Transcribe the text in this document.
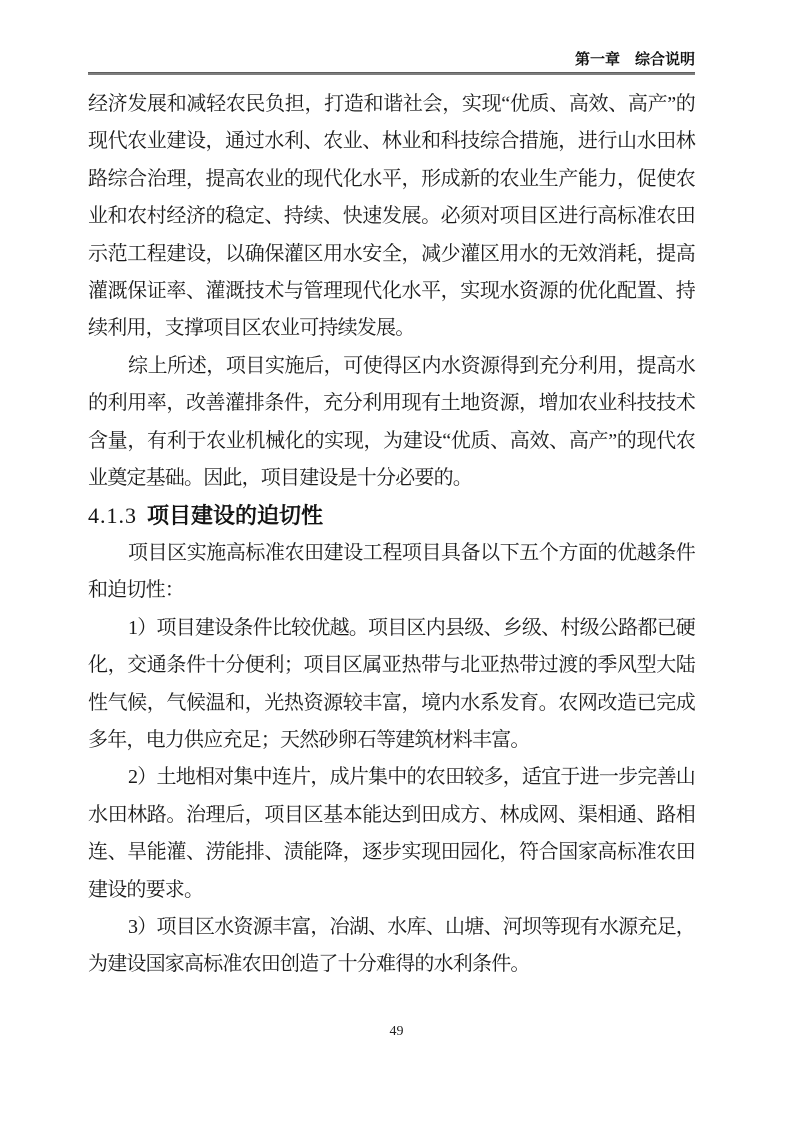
第一章 综合说明

经济发展和减轻农民负担，打造和谐社会，实现“优质、高效、高产”的现代农业建设，通过水利、农业、林业和科技综合措施，进行山水田林路综合治理，提高农业的现代化水平，形成新的农业生产能力，促使农业和农村经济的稳定、持续、快速发展。必须对项目区进行高标准农田示范工程建设，以确保灌区用水安全，减少灌区用水的无效消耗，提高灌溉保证率、灌溉技术与管理现代化水平，实现水资源的优化配置、持续利用，支撑项目区农业可持续发展。

综上所述，项目实施后，可使得区内水资源得到充分利用，提高水的利用率，改善灌排条件，充分利用现有土地资源，增加农业科技技术含量，有利于农业机械化的实现，为建设“优质、高效、高产”的现代农业奠定基础。因此，项目建设是十分必要的。

4.1.3 项目建设的迫切性

项目区实施高标准农田建设工程项目具备以下五个方面的优越条件和迫切性：

1）项目建设条件比较优越。项目区内县级、乡级、村级公路都已硬化，交通条件十分便利；项目区属亚热带与北亚热带过渡的季风型大陆性气候，气候温和，光热资源较丰富，境内水系发育。农网改造已完成多年，电力供应充足；天然砂卵石等建筑材料丰富。

2）土地相对集中连片，成片集中的农田较多，适宜于进一步完善山水田林路。治理后，项目区基本能达到田成方、林成网、渠相通、路相连、旱能灌、涝能排、渍能降，逐步实现田园化，符合国家高标准农田建设的要求。

3）项目区水资源丰富，冶湖、水库、山塘、河坝等现有水源充足，为建设国家高标准农田创造了十分难得的水利条件。

49
